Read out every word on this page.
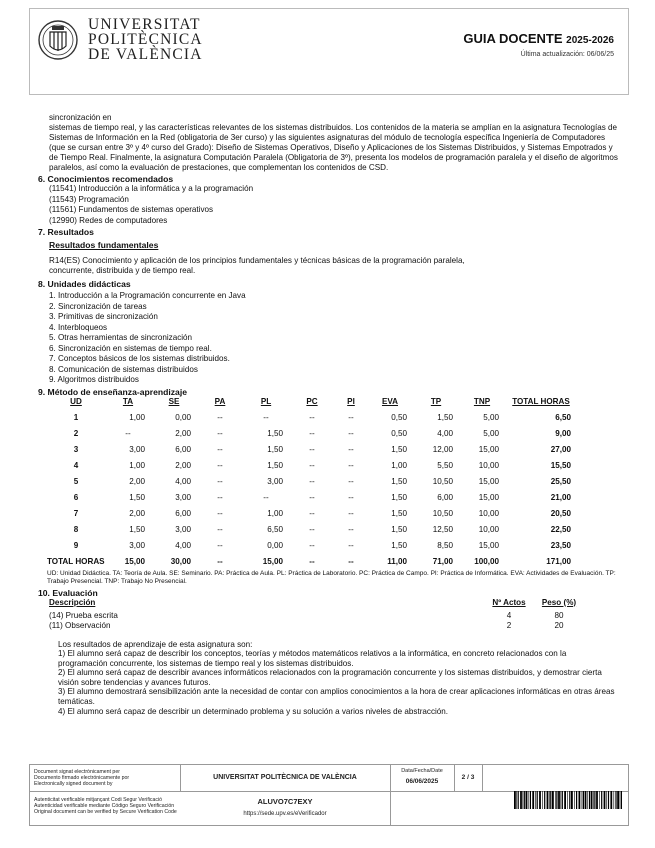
UNIVERSITAT
POLITÈCNICA
DE VALÈNCIA
GUIA DOCENTE 2025-2026
Última actualización: 06/06/25
sincronización en
sistemas de tiempo real, y las características relevantes de los sistemas distribuidos. Los contenidos de la materia se amplían en la asignatura Tecnologías de Sistemas de Información en la Red (obligatoria de 3er curso) y las siguientes asignaturas del módulo de tecnología específica Ingeniería de Computadores (que se cursan entre 3º y 4º curso del Grado): Diseño de Sistemas Operativos, Diseño y Aplicaciones de los Sistemas Distribuidos, y Sistemas Empotrados y de Tiempo Real. Finalmente, la asignatura Computación Paralela (Obligatoria de 3º), presenta los modelos de programación paralela y el diseño de algoritmos paralelos, así como la evaluación de prestaciones, que complementan los contenidos de CSD.
6. Conocimientos recomendados
(11541) Introducción a la informática y a la programación
(11543) Programación
(11561) Fundamentos de sistemas operativos
(12990) Redes de computadores
7. Resultados
Resultados fundamentales
R14(ES) Conocimiento y aplicación de los principios fundamentales y técnicas básicas de la programación paralela, concurrente, distribuida y de tiempo real.
8. Unidades didácticas
1. Introducción a la Programación concurrente en Java
2. Sincronización de tareas
3. Primitivas de sincronización
4. Interbloqueos
5. Otras herramientas de sincronización
6. Sincronización en sistemas de tiempo real.
7. Conceptos básicos de los sistemas distribuidos.
8. Comunicación de sistemas distribuidos
9. Algoritmos distribuidos
9. Método de enseñanza-aprendizaje
UD	TA	SE	PA	PL	PC	PI	EVA	TP	TNP	TOTAL HORAS
1	1,00	0,00	--	--	--	--	0,50	1,50	5,00	6,50
2	--	2,00	--	1,50	--	--	0,50	4,00	5,00	9,00
3	3,00	6,00	--	1,50	--	--	1,50	12,00	15,00	27,00
4	1,00	2,00	--	1,50	--	--	1,00	5,50	10,00	15,50
5	2,00	4,00	--	3,00	--	--	1,50	10,50	15,00	25,50
6	1,50	3,00	--	--	--	--	1,50	6,00	15,00	21,00
7	2,00	6,00	--	1,00	--	--	1,50	10,50	10,00	20,50
8	1,50	3,00	--	6,50	--	--	1,50	12,50	10,00	22,50
9	3,00	4,00	--	0,00	--	--	1,50	8,50	15,00	23,50
TOTAL HORAS	15,00	30,00	--	15,00	--	--	11,00	71,00	100,00	171,00
UD: Unidad Didáctica. TA: Teoría de Aula. SE: Seminario. PA: Práctica de Aula. PL: Práctica de Laboratorio. PC: Práctica de Campo. PI: Práctica de Informática. EVA: Actividades de Evaluación. TP: Trabajo Presencial. TNP: Trabajo No Presencial.
10. Evaluación
Descripción	Nº Actos	Peso (%)
(14) Prueba escrita	4	80
(11) Observación	2	20
Los resultados de aprendizaje de esta asignatura son:
1) El alumno será capaz de describir los conceptos, teorías y métodos matemáticos relativos a la informática, en concreto relacionados con la programación concurrente, los sistemas de tiempo real y los sistemas distribuidos.
2) El alumno será capaz de describir avances informáticos relacionados con la programación concurrente y los sistemas distribuidos, y demostrar cierta visión sobre tendencias y avances futuros.
3) El alumno demostrará sensibilización ante la necesidad de contar con amplios conocimientos a la hora de crear aplicaciones informáticas en otras áreas temáticas.
4) El alumno será capaz de describir un determinado problema y su solución a varios niveles de abstracción.
Document signat electrònicament per
Documento firmado electrónicamente por
Electronically signed document by
UNIVERSITAT POLITÈCNICA DE VALÈNCIA
Data/Fecha/Date
06/06/2025
2 / 3
Autenticitat verificable mitjançant Codi Segur Verificació
Autenticidad verificable mediante Código Seguro Verificación
Original document can be verified by Secure Verification Code
ALUVO7C7EXY
https://sede.upv.es/eVerificador
